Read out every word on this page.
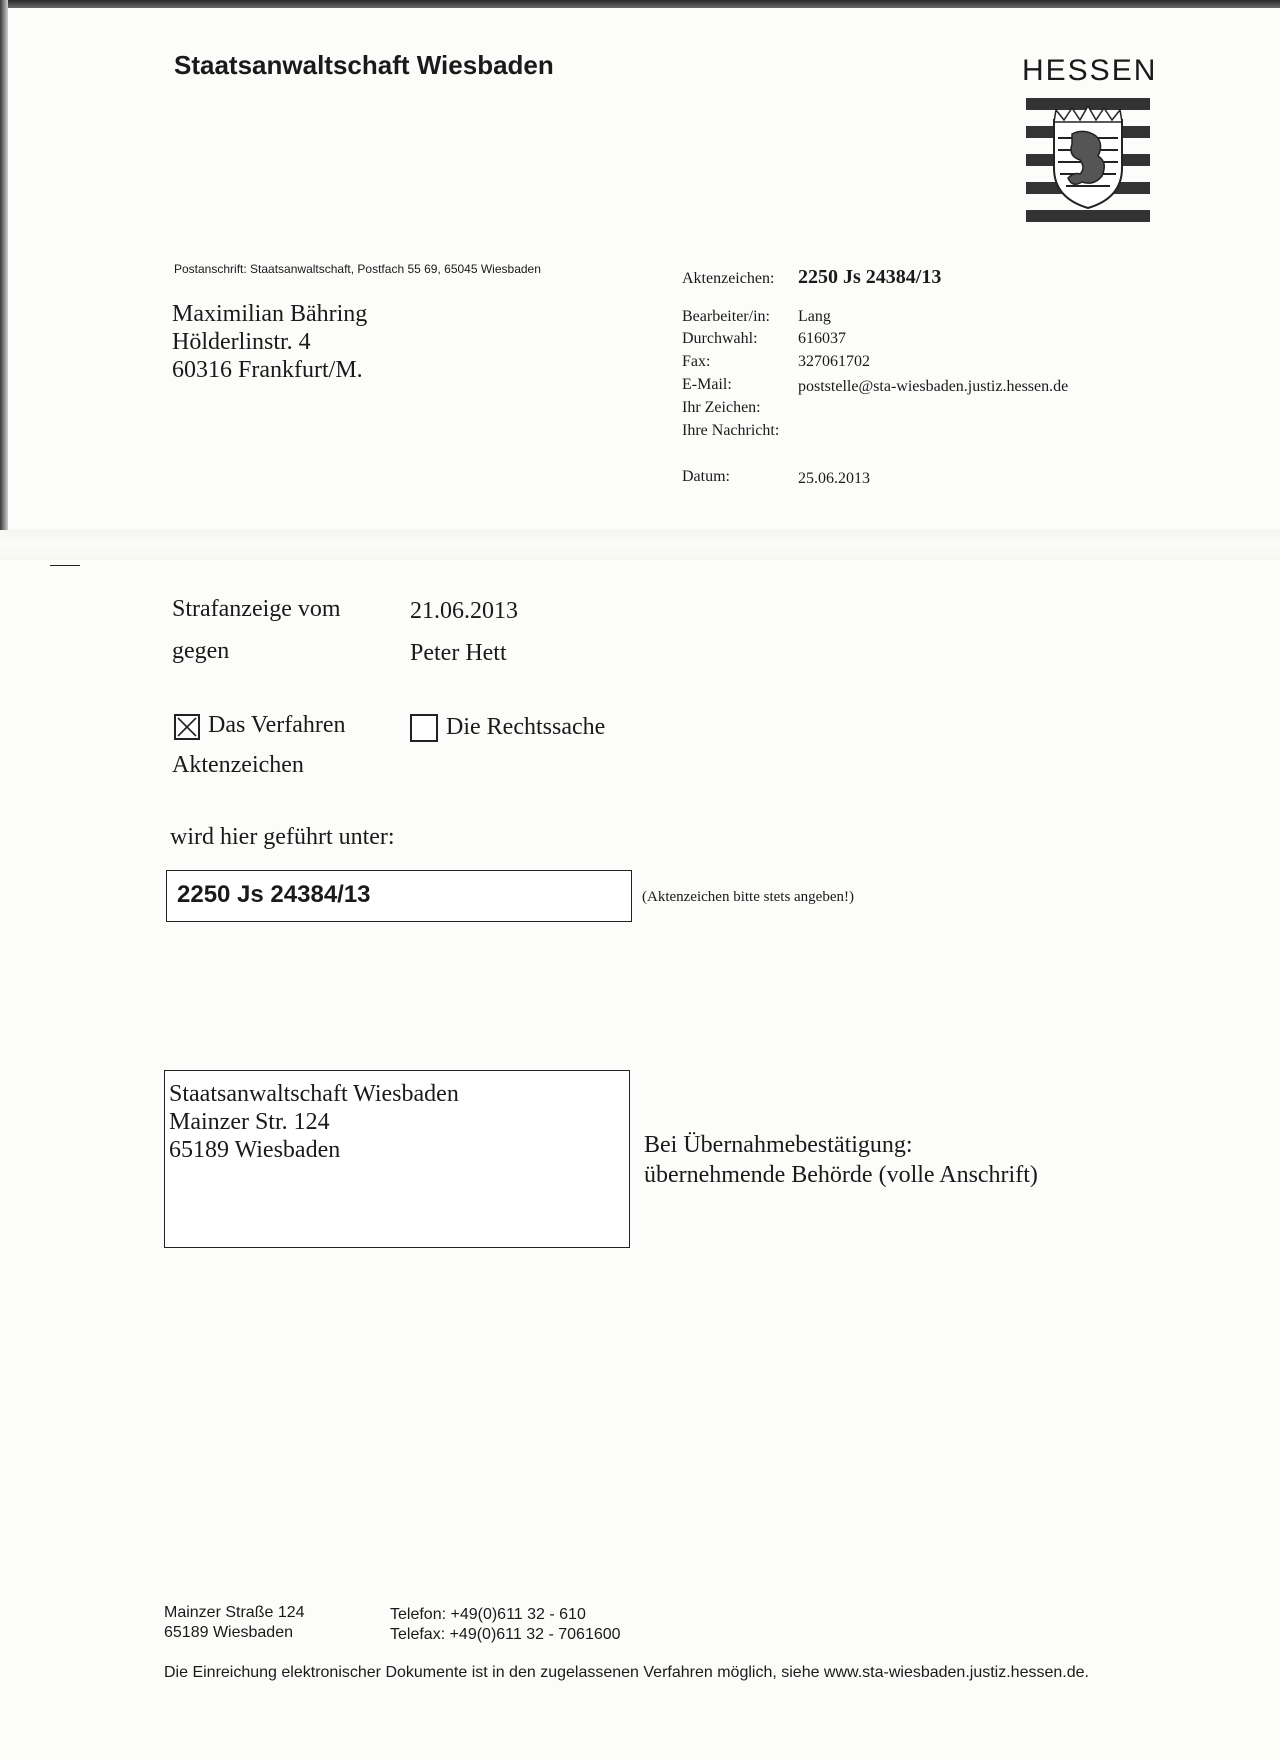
Staatsanwaltschaft Wiesbaden	HESSEN
Postanschrift: Staatsanwaltschaft, Postfach 55 69, 65045 Wiesbaden
Maximilian Bähring
Hölderlinstr. 4
60316 Frankfurt/M.
Aktenzeichen: 2250 Js 24384/13
Bearbeiter/in: Lang
Durchwahl:	616037
Fax:	327061702
E-Mail:	poststelle@sta-wiesbaden.justiz.hessen.de
Ihr Zeichen:
Ihre Nachricht:
Datum:	25.06.2013
Strafanzeige vom	21.06.2013
gegen	Peter Hett
Das Verfahren	Die Rechtssache
Aktenzeichen
wird hier geführt unter:
2250 Js 24384/13	(Aktenzeichen bitte stets angeben!)
Staatsanwaltschaft Wiesbaden
Mainzer Str. 124
65189 Wiesbaden	Bei Übernahmebestätigung:
übernehmende Behörde (volle Anschrift)
Mainzer Straße 124
65189 Wiesbaden
Telefon: +49(0)611 32 - 610
Telefax: +49(0)611 32 - 7061600
Die Einreichung elektronischer Dokumente ist in den zugelassenen Verfahren möglich, siehe www.sta-wiesbaden.justiz.hessen.de.
